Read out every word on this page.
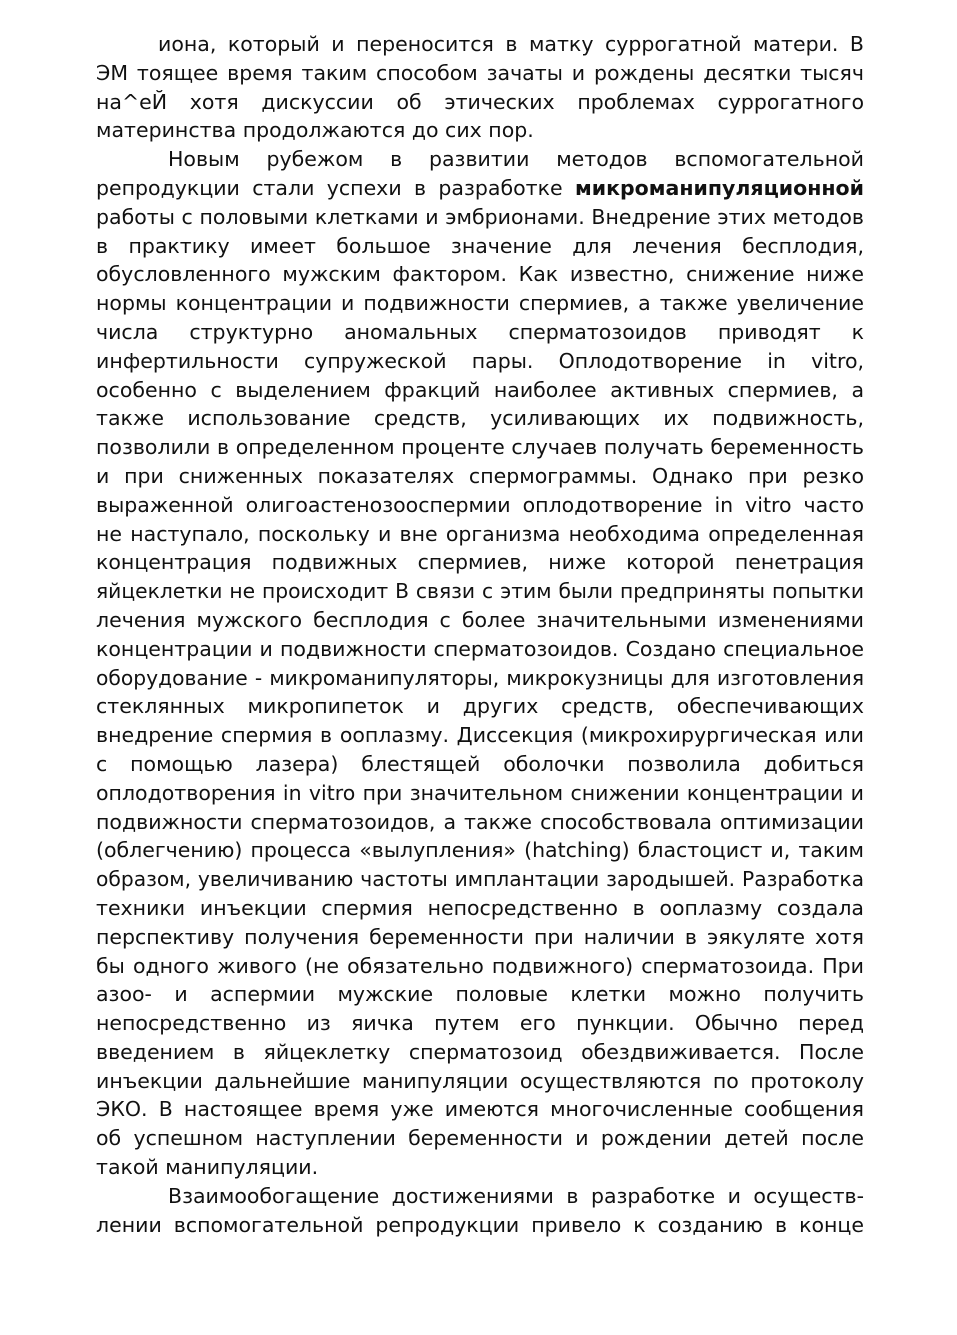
иона, который и переносится в матку суррогатной матери. В
ЭМ тоящее время таким способом зачаты и рождены десятки тысяч
на^еЙ хотя дискуссии об этических проблемах суррогатного
материнства продолжаются до сих пор.
Новым рубежом в развитии методов вспомогательной
репродукции стали успехи в разработке микроманипуляционной
работы с половыми клетками и эмбрионами. Внедрение этих методов
в практику имеет большое значение для лечения бесплодия,
обусловленного мужским фактором. Как известно, снижение ниже
нормы концентрации и подвижности спермиев, а также увеличение
числа структурно аномальных сперматозоидов приводят к
инфертильности супружеской пары. Оплодотворение in vitro,
особенно с выделением фракций наиболее активных спермиев, а
также использование средств, усиливающих их подвижность,
позволили в определенном проценте случаев получать беременность
и при сниженных показателях спермограммы. Однако при резко
выраженной олигоастенозооспермии оплодотворение in vitro часто
не наступало, поскольку и вне организма необходима определенная
концентрация подвижных спермиев, ниже которой пенетрация
яйцеклетки не происходит В связи с этим были предприняты попытки
лечения мужского бесплодия с более значительными изменениями
концентрации и подвижности сперматозоидов. Создано специальное
оборудование - микроманипуляторы, микрокузницы для изготовления
стеклянных микропипеток и других средств, обеспечивающих
внедрение спермия в ооплазму. Диссекция (микрохирургическая или
с помощью лазера) блестящей оболочки позволила добиться
оплодотворения in vitro при значительном снижении концентрации и
подвижности сперматозоидов, а также способствовала оптимизации
(облегчению) процесса «вылупления» (hatching) бластоцист и, таким
образом, увеличиванию частоты имплантации зародышей. Разработка
техники инъекции спермия непосредственно в ооплазму создала
перспективу получения беременности при наличии в эякуляте хотя
бы одного живого (не обязательно подвижного) сперматозоида. При
азоо- и аспермии мужские половые клетки можно получить
непосредственно из яичка путем его пункции. Обычно перед
введением в яйцеклетку сперматозоид обездвиживается. После
инъекции дальнейшие манипуляции осуществляются по протоколу
ЭКО. В настоящее время уже имеются многочисленные сообщения
об успешном наступлении беременности и рождении детей после
такой манипуляции.
Взаимообогащение достижениями в разработке и осуществ-
лении вспомогательной репродукции привело к созданию в конце
